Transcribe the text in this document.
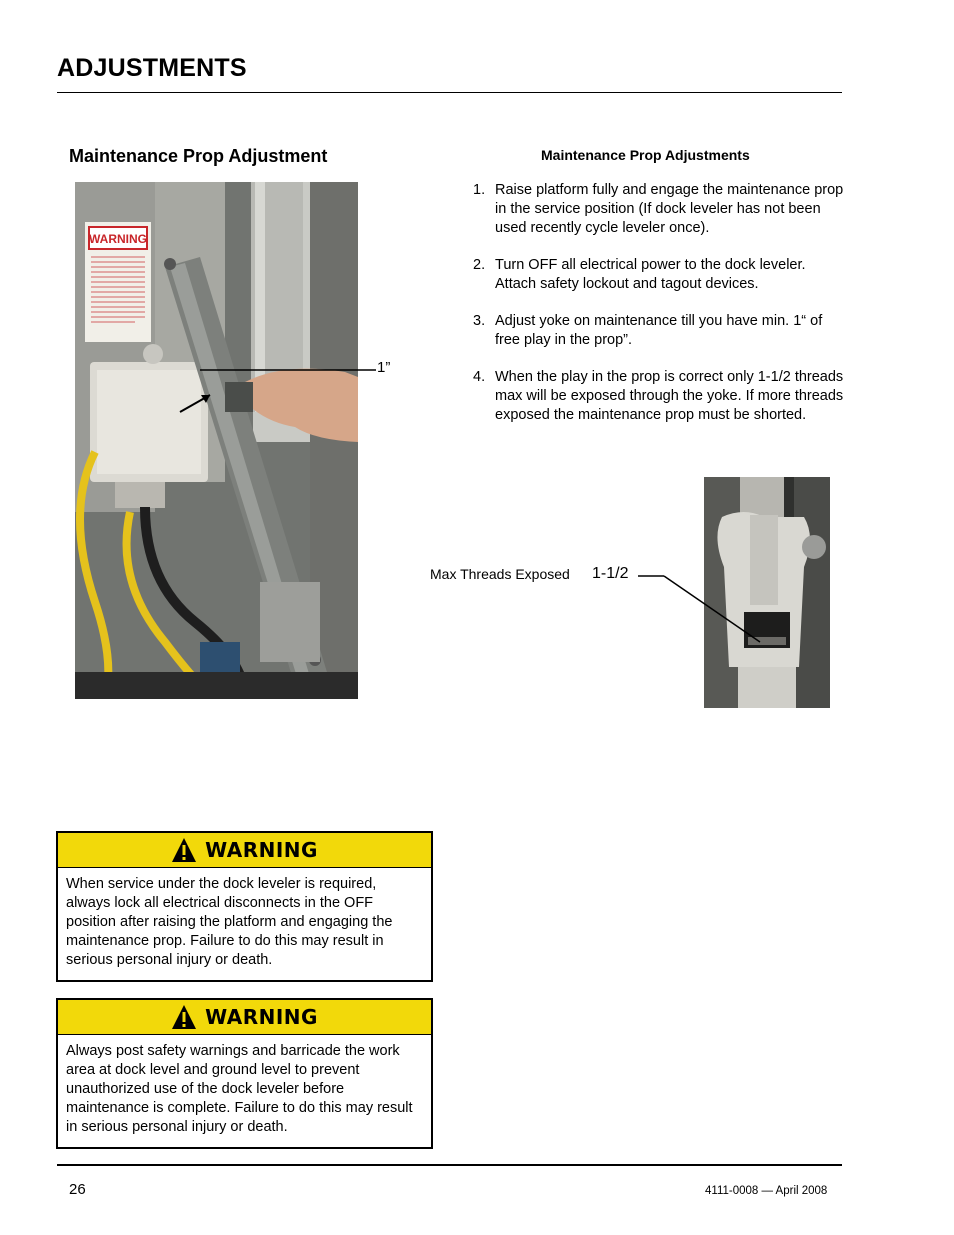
ADJUSTMENTS
Maintenance Prop Adjustment
WARNING
1”
Maintenance Prop Adjustments
1. Raise platform fully and engage the maintenance prop in the service position (If dock leveler has not been used recently cycle leveler once).
2. Turn OFF all electrical power to the dock leveler. Attach safety lockout and tagout devices.
3. Adjust yoke on maintenance till you have min. 1“ of free play in the prop”.
4. When the play in the prop is correct only 1-1/2 threads max will be exposed through the yoke. If more threads exposed the maintenance prop must be shorted.
Max Threads Exposed 1-1/2
WARNING
When service under the dock leveler is required, always lock all electrical disconnects in the OFF position after raising the platform and engaging the maintenance prop. Failure to do this may result in serious personal injury or death.
WARNING
Always post safety warnings and barricade the work area at dock level and ground level to prevent unauthorized use of the dock leveler before maintenance is complete. Failure to do this may result in serious personal injury or death.
26	4111-0008 — April 2008
